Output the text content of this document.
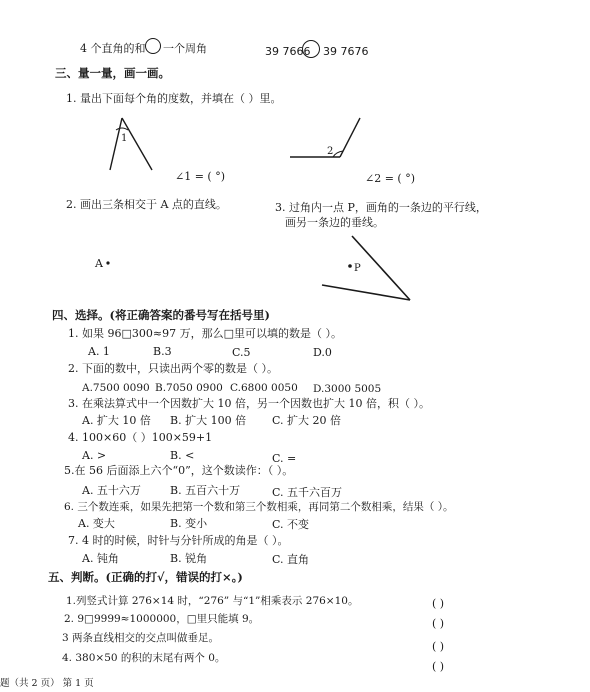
4 个直角的和 一个周角	39 7666 39 7676
三、量一量，画一画。
1. 量出下面每个角的度数，并填在（ ）里。
1
∠1 = ( °)
2
∠2 = ( °)
2. 画出三条相交于 A 点的直线。
A
3. 过角内一点 P，画角的一条边的平行线，
画另一条边的垂线。
P
四、选择。(将正确答案的番号写在括号里)
1. 如果 96□300≈97 万，那么□里可以填的数是（ ）。
A. 1	B.3	C.5	D.0
2. 下面的数中，只读出两个零的数是（ ）。
A.7500 0090 B.7050 0900 C.6800 0050 D.3000 5005
3. 在乘法算式中一个因数扩大 10 倍，另一个因数也扩大 10 倍，积（ ）。
A. 扩大 10 倍 B. 扩大 100 倍 C. 扩大 20 倍
4. 100×60（ ）100×59+1
A. >	B. <	C. =
5.在 56 后面添上六个“0”，这个数读作：（ ）。
A. 五十六万	B. 五百六十万	C. 五千六百万
6. 三个数连乘，如果先把第一个数和第三个数相乘，再同第二个数相乘，结果（ ）。
A. 变大	B. 变小	C. 不变
7. 4 时的时候，时针与分针所成的角是（ ）。
A. 钝角	B. 锐角	C. 直角
五、判断。(正确的打√，错误的打×。)
1.列竖式计算 276×14 时，“276” 与“1”相乘表示 276×10。	( )
2. 9□9999≈1000000，□里只能填 9。	( )
3 两条直线相交的交点叫做垂足。
( )
4. 380×50 的积的末尾有两个 0。
( )
题（共 2 页） 第 1 页
